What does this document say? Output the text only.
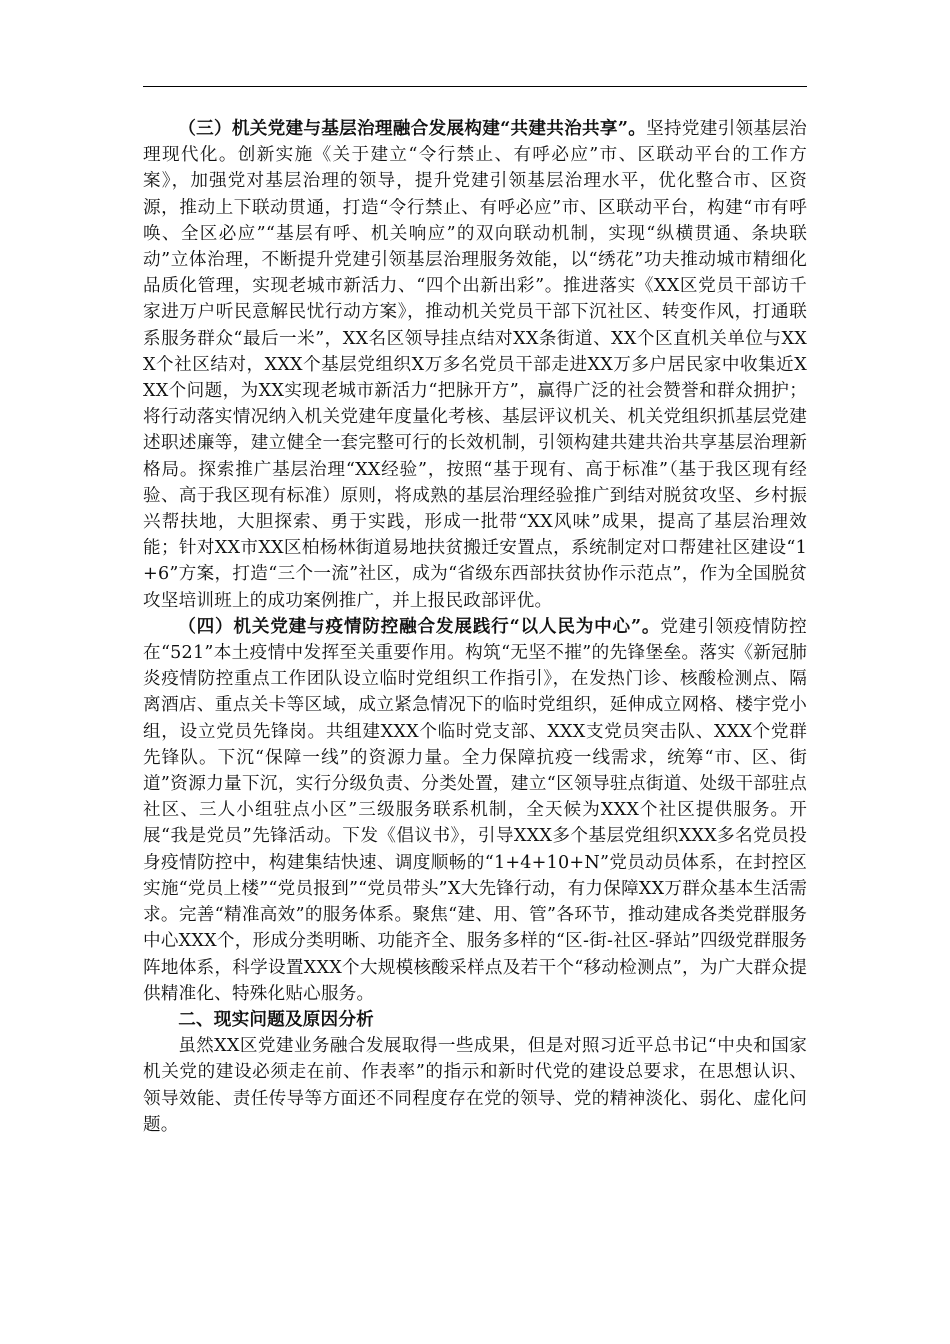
（三）机关党建与基层治理融合发展构建“共建共治共享”。坚持党建引领基层治理现代化。创新实施《关于建立“令行禁止、有呼必应”市、区联动平台的工作方案》，加强党对基层治理的领导，提升党建引领基层治理水平，优化整合市、区资源，推动上下联动贯通，打造“令行禁止、有呼必应”市、区联动平台，构建“市有呼唤、全区必应”“基层有呼、机关响应”的双向联动机制，实现“纵横贯通、条块联动”立体治理，不断提升党建引领基层治理服务效能，以“绣花”功夫推动城市精细化品质化管理，实现老城市新活力、“四个出新出彩”。推进落实《XX区党员干部访千家进万户听民意解民忧行动方案》，推动机关党员干部下沉社区、转变作风，打通联系服务群众“最后一米”，XX名区领导挂点结对XX条街道、XX个区直机关单位与XXX个社区结对，XXX个基层党组织X万多名党员干部走进XX万多户居民家中收集近XXX个问题，为XX实现老城市新活力“把脉开方”，赢得广泛的社会赞誉和群众拥护；将行动落实情况纳入机关党建年度量化考核、基层评议机关、机关党组织抓基层党建述职述廉等，建立健全一套完整可行的长效机制，引领构建共建共治共享基层治理新格局。探索推广基层治理“XX经验”，按照“基于现有、高于标准”（基于我区现有经验、高于我区现有标准）原则，将成熟的基层治理经验推广到结对脱贫攻坚、乡村振兴帮扶地，大胆探索、勇于实践，形成一批带“XX风味”成果，提高了基层治理效能；针对XX市XX区柏杨林街道易地扶贫搬迁安置点，系统制定对口帮建社区建设“1+6”方案，打造“三个一流”社区，成为“省级东西部扶贫协作示范点”，作为全国脱贫攻坚培训班上的成功案例推广，并上报民政部评优。

（四）机关党建与疫情防控融合发展践行“以人民为中心”。党建引领疫情防控在“521”本土疫情中发挥至关重要作用。构筑“无坚不摧”的先锋堡垒。落实《新冠肺炎疫情防控重点工作团队设立临时党组织工作指引》，在发热门诊、核酸检测点、隔离酒店、重点关卡等区域，成立紧急情况下的临时党组织，延伸成立网格、楼宇党小组，设立党员先锋岗。共组建XXX个临时党支部、XXX支党员突击队、XXX个党群先锋队。下沉“保障一线”的资源力量。全力保障抗疫一线需求，统筹“市、区、街道”资源力量下沉，实行分级负责、分类处置，建立“区领导驻点街道、处级干部驻点社区、三人小组驻点小区”三级服务联系机制，全天候为XXX个社区提供服务。开展“我是党员”先锋活动。下发《倡议书》，引导XXX多个基层党组织XXX多名党员投身疫情防控中，构建集结快速、调度顺畅的“1+4+10+N”党员动员体系，在封控区实施“党员上楼”“党员报到”“党员带头”X大先锋行动，有力保障XX万群众基本生活需求。完善“精准高效”的服务体系。聚焦“建、用、管”各环节，推动建成各类党群服务中心XXX个，形成分类明晰、功能齐全、服务多样的“区-街-社区-驿站”四级党群服务阵地体系，科学设置XXX个大规模核酸采样点及若干个“移动检测点”，为广大群众提供精准化、特殊化贴心服务。

二、现实问题及原因分析

虽然XX区党建业务融合发展取得一些成果，但是对照习近平总书记“中央和国家机关党的建设必须走在前、作表率”的指示和新时代党的建设总要求，在思想认识、领导效能、责任传导等方面还不同程度存在党的领导、党的精神淡化、弱化、虚化问题。
